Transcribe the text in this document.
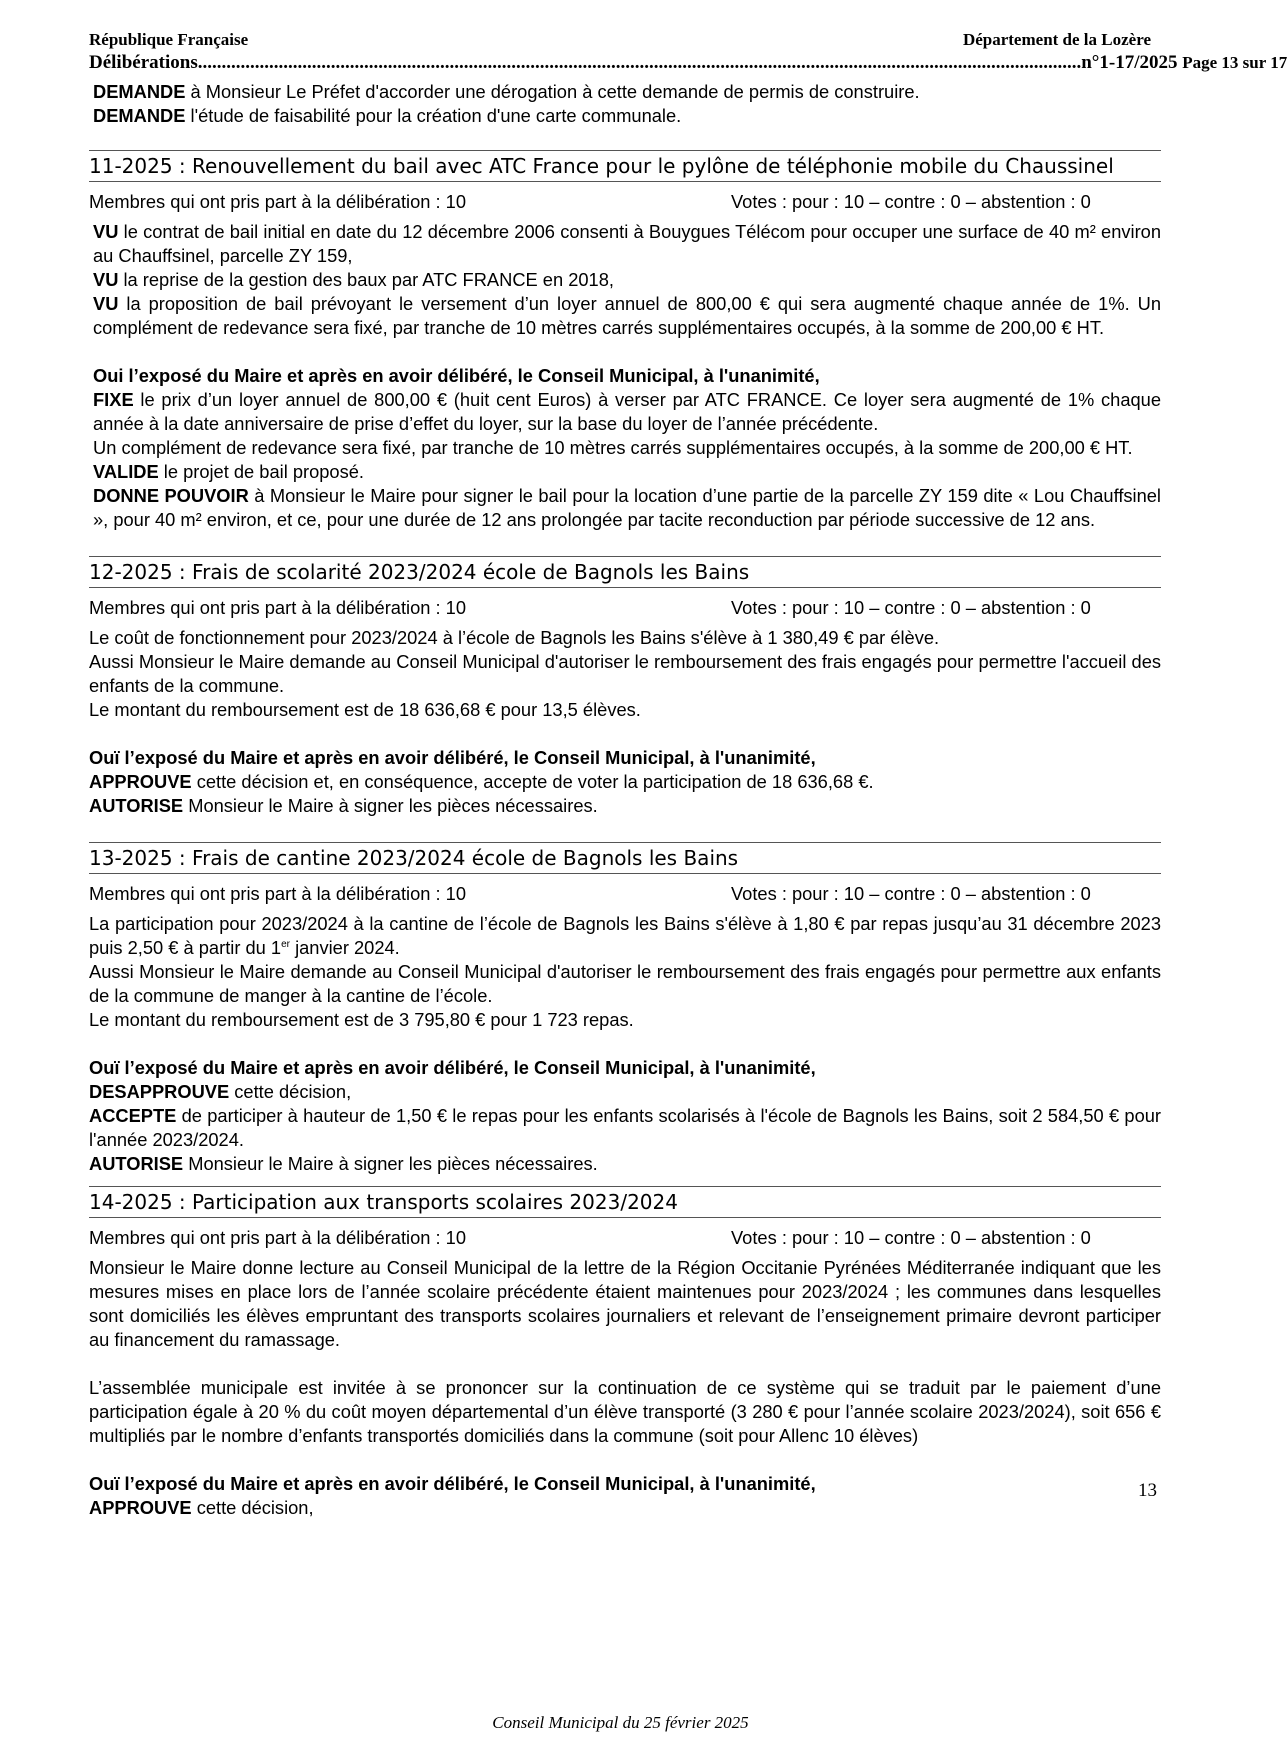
République Française	Département de la Lozère
Délibérations .......................................................................................................................................................................................... n°1-17/2025
Page 13 sur 17

DEMANDE à Monsieur Le Préfet d'accorder une dérogation à cette demande de permis de construire.

DEMANDE l'étude de faisabilité pour la création d'une carte communale.

11-2025 : Renouvellement du bail avec ATC France pour le pylône de téléphonie mobile du Chaussinel
Membres qui ont pris part à la délibération : 10	Votes : pour : 10 – contre : 0 – abstention : 0

VU le contrat de bail initial en date du 12 décembre 2006 consenti à Bouygues Télécom pour occuper une surface de 40 m² environ au Chauffsinel, parcelle ZY 159,

VU la reprise de la gestion des baux par ATC FRANCE en 2018,

VU la proposition de bail prévoyant le versement d’un loyer annuel de 800,00 € qui sera augmenté chaque année de 1%. Un complément de redevance sera fixé, par tranche de 10 mètres carrés supplémentaires occupés, à la somme de 200,00 € HT.

Oui l’exposé du Maire et après en avoir délibéré, le Conseil Municipal, à l'unanimité,

FIXE le prix d’un loyer annuel de 800,00 € (huit cent Euros) à verser par ATC FRANCE. Ce loyer sera augmenté de 1% chaque année à la date anniversaire de prise d’effet du loyer, sur la base du loyer de l’année précédente.

Un complément de redevance sera fixé, par tranche de 10 mètres carrés supplémentaires occupés, à la somme de 200,00 € HT.

VALIDE le projet de bail proposé.

DONNE POUVOIR à Monsieur le Maire pour signer le bail pour la location d’une partie de la parcelle ZY 159 dite « Lou Chauffsinel », pour 40 m² environ, et ce, pour une durée de 12 ans prolongée par tacite reconduction par période successive de 12 ans.

12-2025 : Frais de scolarité 2023/2024 école de Bagnols les Bains
Membres qui ont pris part à la délibération : 10	Votes : pour : 10 – contre : 0 – abstention : 0

Le coût de fonctionnement pour 2023/2024 à l’école de Bagnols les Bains s'élève à 1 380,49 € par élève.

Aussi Monsieur le Maire demande au Conseil Municipal d'autoriser le remboursement des frais engagés pour permettre l'accueil des enfants de la commune.

Le montant du remboursement est de 18 636,68 € pour 13,5 élèves.

Ouï l’exposé du Maire et après en avoir délibéré, le Conseil Municipal, à l'unanimité,

APPROUVE cette décision et, en conséquence, accepte de voter la participation de 18 636,68 €.

AUTORISE Monsieur le Maire à signer les pièces nécessaires.

13-2025 : Frais de cantine 2023/2024 école de Bagnols les Bains
Membres qui ont pris part à la délibération : 10	Votes : pour : 10 – contre : 0 – abstention : 0

La participation pour 2023/2024 à la cantine de l’école de Bagnols les Bains s'élève à 1,80 € par repas jusqu’au 31 décembre 2023 puis 2,50 € à partir du 1er janvier 2024.

Aussi Monsieur le Maire demande au Conseil Municipal d'autoriser le remboursement des frais engagés pour permettre aux enfants de la commune de manger à la cantine de l’école.

Le montant du remboursement est de 3 795,80 € pour 1 723 repas.

Ouï l’exposé du Maire et après en avoir délibéré, le Conseil Municipal, à l'unanimité,

DESAPPROUVE cette décision,

ACCEPTE de participer à hauteur de 1,50 € le repas pour les enfants scolarisés à l'école de Bagnols les Bains, soit 2 584,50 € pour l'année 2023/2024.

AUTORISE Monsieur le Maire à signer les pièces nécessaires.

14-2025 : Participation aux transports scolaires 2023/2024
Membres qui ont pris part à la délibération : 10	Votes : pour : 10 – contre : 0 – abstention : 0

Monsieur le Maire donne lecture au Conseil Municipal de la lettre de la Région Occitanie Pyrénées Méditerranée indiquant que les mesures mises en place lors de l’année scolaire précédente étaient maintenues pour 2023/2024 ; les communes dans lesquelles sont domiciliés les élèves empruntant des transports scolaires journaliers et relevant de l’enseignement primaire devront participer au financement du ramassage.

L’assemblée municipale est invitée à se prononcer sur la continuation de ce système qui se traduit par le paiement d’une participation égale à 20 % du coût moyen départemental d’un élève transporté (3 280 € pour l’année scolaire 2023/2024), soit 656 € multipliés par le nombre d’enfants transportés domiciliés dans la commune (soit pour Allenc 10 élèves)

Ouï l’exposé du Maire et après en avoir délibéré, le Conseil Municipal, à l'unanimité,

APPROUVE cette décision,

13
Conseil Municipal du 25 février 2025
